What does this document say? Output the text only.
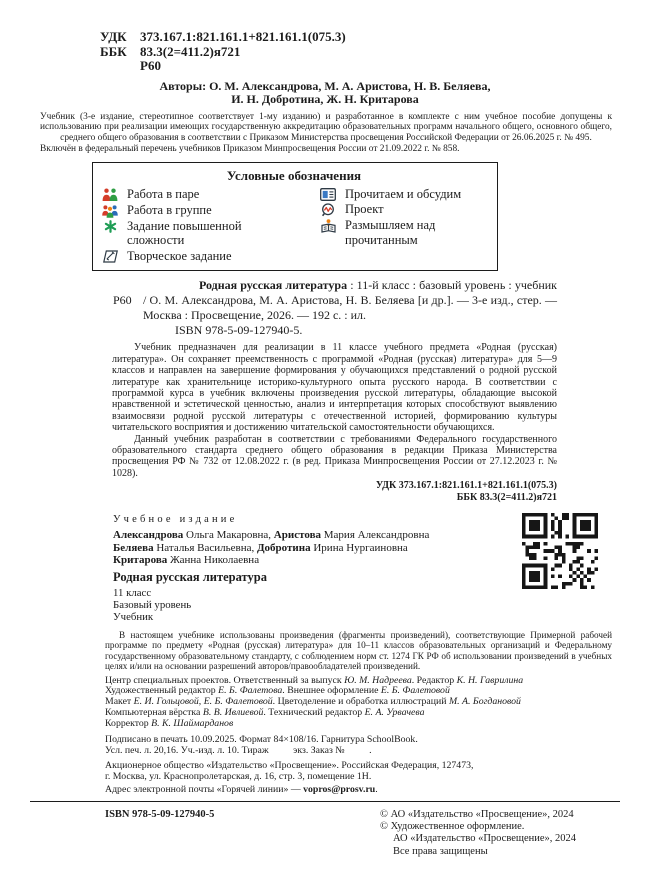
УДК 373.167.1:821.161.1+821.161.1(075.3)
ББК 83.3(2=411.2)я721
Р60
Авторы: О. М. Александрова, М. А. Аристова, Н. В. Беляева,
И. Н. Добротина, Ж. Н. Критарова

Учебник (3-е издание, стереотипное соответствует 1-му изданию) и разработанное в комплекте с ним учебное пособие допущены к использованию при реализации имеющих государственную аккредитацию образовательных программ начального общего, основного общего, среднего общего образования в соответствии с Приказом Министерства просвещения Российской Федерации от 26.06.2025 г. № 495.

Включён в федеральный перечень учебников Приказом Минпросвещения России от 21.09.2022 г. № 858.
Условные обозначения
Работа в паре
Работа в группе
Задание повышенной сложности
Творческое задание
Прочитаем и обсудим
Проект
Размышляем над прочитанным
Р60
Родная русская литература : 11-й класс : базовый уровень : учебник / О. М. Александрова, М. А. Аристова, Н. В. Беляева [и др.]. — 3-е изд., стер. — Москва : Просвещение, 2026. — 192 с. : ил.
ISBN 978-5-09-127940-5.

Учебник предназначен для реализации в 11 классе учебного предмета «Родная (русская) литература». Он сохраняет преемственность с программой «Родная (русская) литература» для 5—9 классов и направлен на завершение формирования у обучающихся представлений о родной русской литературе как хранительнице историко-культурного опыта русского народа. В соответствии с программой курса в учебник включены произведения русской литературы, обладающие высокой нравственной и эстетической ценностью, анализ и интерпретация которых способствуют выявлению взаимосвязи родной русской литературы с отечественной историей, формированию культуры читательского восприятия и достижению читательской самостоятельности обучающихся.

Данный учебник разработан в соответствии с требованиями Федерального государственного образовательного стандарта среднего общего образования в редакции Приказа Министерства просвещения РФ № 732 от 12.08.2022 г. (в ред. Приказа Минпросвещения России от 27.12.2023 г. № 1028).

УДК 373.167.1:821.161.1+821.161.1(075.3)
ББК 83.3(2=411.2)я721
Учебное издание
Александрова Ольга Макаровна, Аристова Мария Александровна
Беляева Наталья Васильевна, Добротина Ирина Нургаиновна
Критарова Жанна Николаевна
Родная русская литература
11 класс
Базовый уровень
Учебник
В настоящем учебнике использованы произведения (фрагменты произведений), соответствующие Примерной рабочей программе по предмету «Родная (русская) литература» для 10–11 классов образовательных организаций и Федеральному государственному образовательному стандарту, с соблюдением норм ст. 1274 ГК РФ об использовании произведений в учебных целях и/или на основании разрешений авторов/правообладателей произведений.
Центр специальных проектов. Ответственный за выпуск Ю. М. Надреева. Редактор К. Н. Гаврилина
Художественный редактор Е. Б. Фалетова. Внешнее оформление Е. Б. Фалетовой
Макет Е. И. Гольцовой, Е. Б. Фалетовой. Цветоделение и обработка иллюстраций М. А. Богдановой
Компьютерная вёрстка В. В. Ивлиевой. Технический редактор Е. А. Урвачева
Корректор В. К. Шаймарданов
Подписано в печать 10.09.2025. Формат 84×108/16. Гарнитура SchoolBook.
Усл. печ. л. 20,16. Уч.-изд. л. 10. Тираж          экз. Заказ №          .
Акционерное общество «Издательство «Просвещение». Российская Федерация, 127473,
г. Москва, ул. Краснопролетарская, д. 16, стр. 3, помещение 1Н.
Адрес электронной почты «Горячей линии» — vopros@prosv.ru.
ISBN 978-5-09-127940-5	© АО «Издательство «Просвещение», 2024
© Художественное оформление.
АО «Издательство «Просвещение», 2024
Все права защищены
